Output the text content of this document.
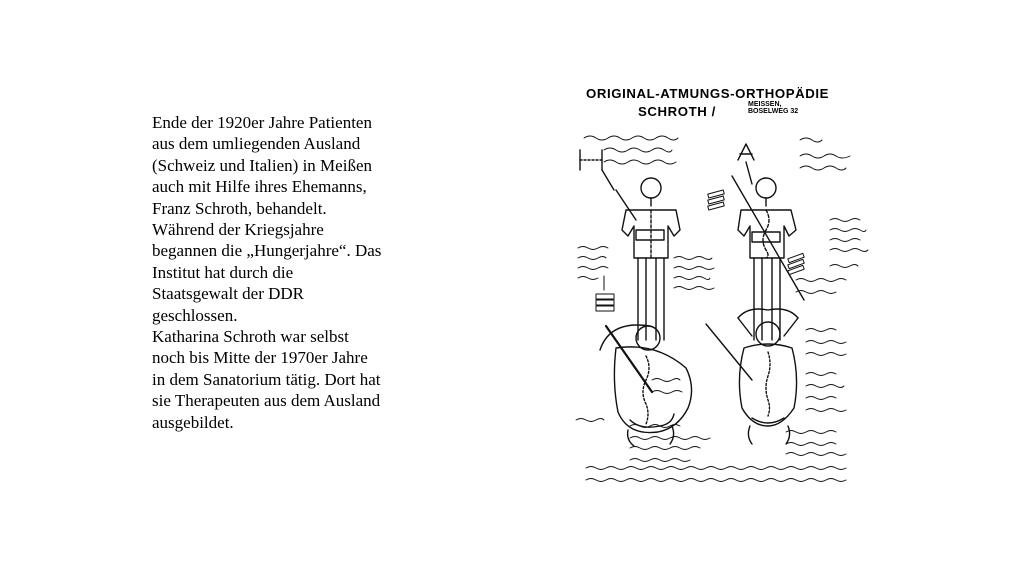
Ende der 1920er Jahre Patienten
aus dem umliegenden Ausland
(Schweiz und Italien) in Meißen
auch mit Hilfe ihres Ehemanns,
Franz Schroth, behandelt.
Während der Kriegsjahre
begannen die „Hungerjahre“. Das
Institut hat durch die
Staatsgewalt der DDR
geschlossen.
Katharina Schroth war selbst
noch bis Mitte der 1970er Jahre
in dem Sanatorium tätig. Dort hat
sie Therapeuten aus dem Ausland
ausgebildet.
ORIGINAL-ATMUNGS-ORTHOPÄDIE
SCHROTH /	MEISSEN,
BOSELWEG 32
